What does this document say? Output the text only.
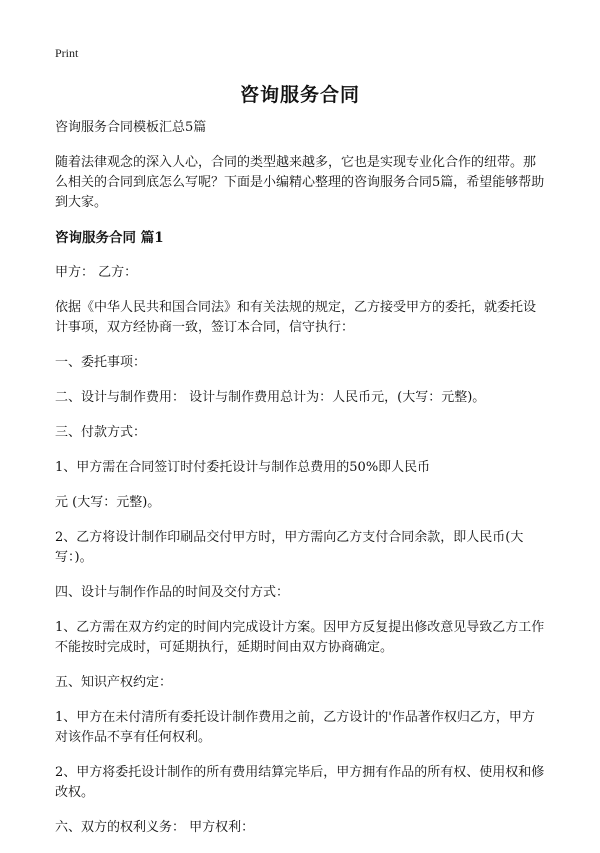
Print
咨询服务合同

咨询服务合同模板汇总5篇

随着法律观念的深入人心，合同的类型越来越多，它也是实现专业化合作的纽带。那么相关的合同到底怎么写呢？下面是小编精心整理的咨询服务合同5篇，希望能够帮助到大家。

咨询服务合同 篇1

甲方： 乙方：

依据《中华人民共和国合同法》和有关法规的规定，乙方接受甲方的委托，就委托设计事项，双方经协商一致，签订本合同，信守执行：

一、委托事项：

二、设计与制作费用： 设计与制作费用总计为：人民币元，(大写：元整)。

三、付款方式：

1、甲方需在合同签订时付委托设计与制作总费用的50%即人民币

元 (大写：元整)。

2、乙方将设计制作印刷品交付甲方时，甲方需向乙方支付合同余款，即人民币(大写：)。

四、设计与制作作品的时间及交付方式：

1、乙方需在双方约定的时间内完成设计方案。因甲方反复提出修改意见导致乙方工作不能按时完成时，可延期执行，延期时间由双方协商确定。

五、知识产权约定：

1、甲方在未付清所有委托设计制作费用之前，乙方设计的'作品著作权归乙方，甲方对该作品不享有任何权利。

2、甲方将委托设计制作的所有费用结算完毕后，甲方拥有作品的所有权、使用权和修改权。

六、双方的权利义务： 甲方权利：
